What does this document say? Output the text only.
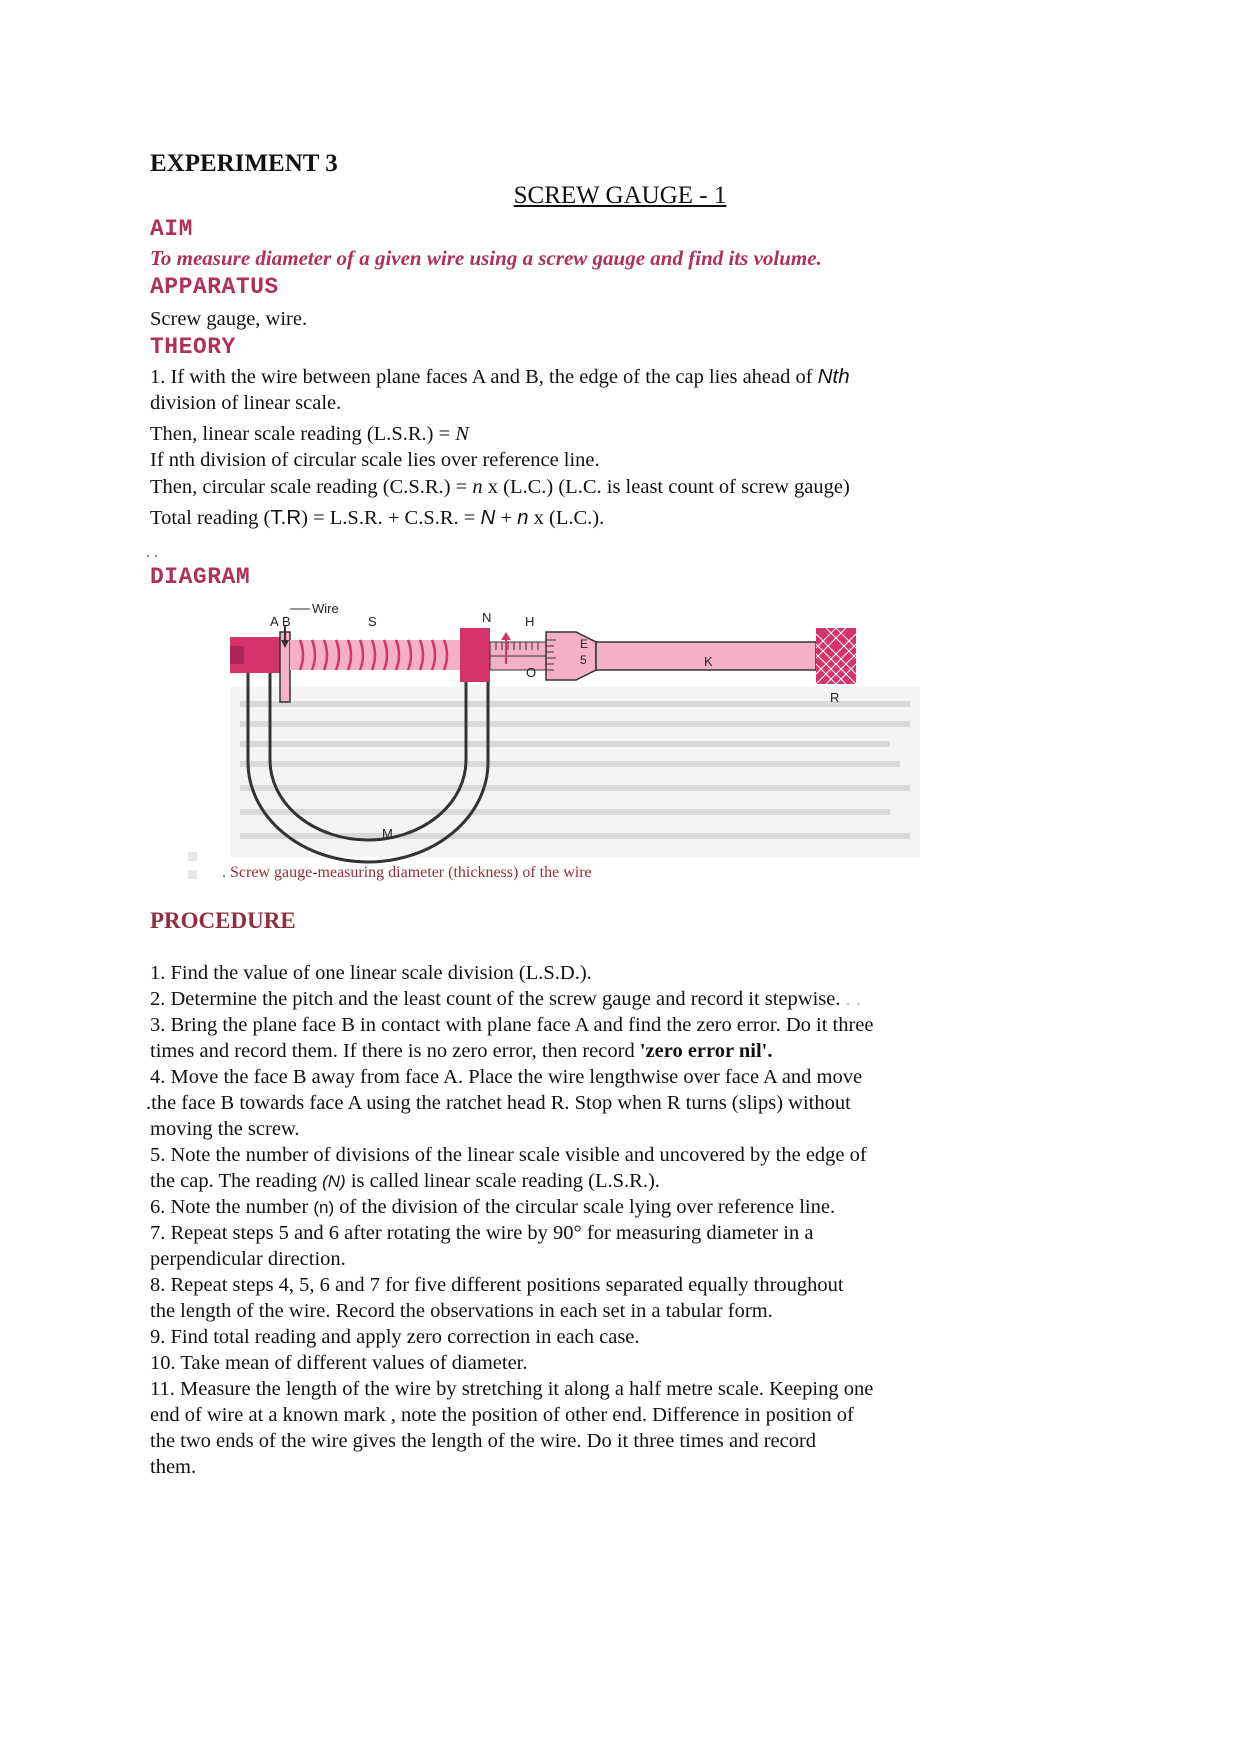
EXPERIMENT 3
SCREW GAUGE - 1
AIM
To measure diameter of a given wire using a screw gauge and find its volume.
APPARATUS
Screw gauge, wire.
THEORY
1. If with the wire between plane faces A and B, the edge of the cap lies ahead of Nth
division of linear scale.
Then, linear scale reading (L.S.R.) = N
If nth division of circular scale lies over reference line.
Then, circular scale reading (C.S.R.) = n x (L.C.) (L.C. is least count of screw gauge)
Total reading (T.R) = L.S.R. + C.S.R. = N + n x (L.C.).
. .
DIAGRAM
Wire
A B	S	N	H
E
5
O
K
R
M
. Screw gauge-measuring diameter (thickness) of the wire
PROCEDURE
1. Find the value of one linear scale division (L.S.D.).
2. Determine the pitch and the least count of the screw gauge and record it stepwise. . .
3. Bring the plane face B in contact with plane face A and find the zero error. Do it three
times and record them. If there is no zero error, then record 'zero error nil'.
4. Move the face B away from face A. Place the wire lengthwise over face A and move
.the face B towards face A using the ratchet head R. Stop when R turns (slips) without
moving the screw.
5. Note the number of divisions of the linear scale visible and uncovered by the edge of
the cap. The reading (N) is called linear scale reading (L.S.R.).
6. Note the number (n) of the division of the circular scale lying over reference line.
7. Repeat steps 5 and 6 after rotating the wire by 90° for measuring diameter in a
perpendicular direction.
8. Repeat steps 4, 5, 6 and 7 for five different positions separated equally throughout
the length of the wire. Record the observations in each set in a tabular form.
9. Find total reading and apply zero correction in each case.
10. Take mean of different values of diameter.
11. Measure the length of the wire by stretching it along a half metre scale. Keeping one
end of wire at a known mark , note the position of other end. Difference in position of
the two ends of the wire gives the length of the wire. Do it three times and record
them.
